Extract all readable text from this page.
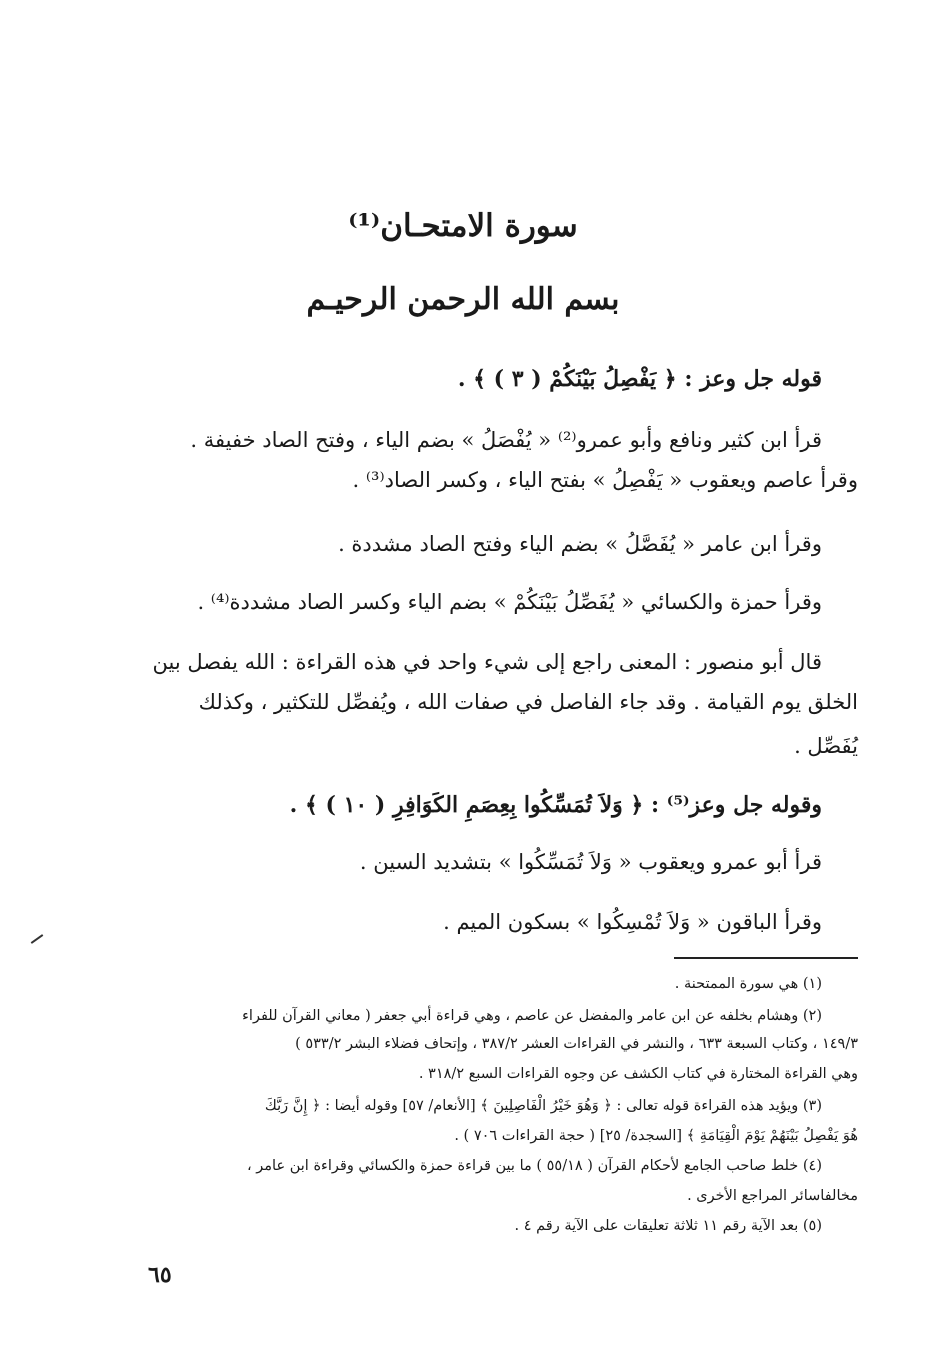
سورة الامتحـان⁽¹⁾
بسم الله الرحمن الرحيـم
قوله جل وعز : ﴿ يَفْصِلُ بَيْنَكُمْ ( ٣ ) ﴾ .
قرأ ابن كثير ونافع وأبو عمرو⁽²⁾ « يُفْصَلُ » بضم الياء ، وفتح الصاد خفيفة .
وقرأ عاصم ويعقوب « يَفْصِلُ » بفتح الياء ، وكسر الصاد⁽³⁾ .
وقرأ ابن عامر « يُفَصَّلُ » بضم الياء وفتح الصاد مشددة .
وقرأ حمزة والكسائي « يُفَصِّلُ بَيْنَكُمْ » بضم الياء وكسر الصاد مشددة⁽⁴⁾ .
قال أبو منصور : المعنى راجع إلى شيء واحد في هذه القراءة : الله يفصل بين
الخلق يوم القيامة . وقد جاء الفاصل في صفات الله ، ويُفصِّل للتكثير ، وكذلك
يُفَصِّل .
وقوله جل وعز⁽⁵⁾ : ﴿ وَلاَ تُمَسِّكُوا بِعِصَمِ الكَوَافِرِ ( ١٠ ) ﴾ .
قرأ أبو عمرو ويعقوب « وَلاَ تُمَسِّكُوا » بتشديد السين .
وقرأ الباقون « وَلاَ تُمْسِكُوا » بسكون الميم .
(١) هي سورة الممتحنة .
(٢) وهشام بخلفه عن ابن عامر والمفضل عن عاصم ، وهي قراءة أبي جعفر ( معاني القرآن للفراء
١٤٩/٣ ، وكتاب السبعة ٦٣٣ ، والنشر في القراءات العشر ٣٨٧/٢ ، وإتحاف فضلاء البشر ٥٣٣/٢ )
وهي القراءة المختارة في كتاب الكشف عن وجوه القراءات السبع ٣١٨/٢ .
(٣) ويؤيد هذه القراءة قوله تعالى : ﴿ وَهُوَ خَيْرُ الْفَاصِلِينَ ﴾ [الأنعام/ ٥٧] وقوله أيضا : ﴿ إِنَّ رَبَّكَ
هُوَ يَفْصِلُ بَيْنَهُمْ يَوْمَ الْقِيَامَةِ ﴾ [السجدة/ ٢٥] ( حجة القراءات ٧٠٦ ) .
(٤) خلط صاحب الجامع لأحكام القرآن ( ٥٥/١٨ ) ما بين قراءة حمزة والكسائي وقراءة ابن عامر ،
مخالفاسائر المراجع الأخرى .
(٥) بعد الآية رقم ١١ ثلاثة تعليقات على الآية رقم ٤ .
٦٥
